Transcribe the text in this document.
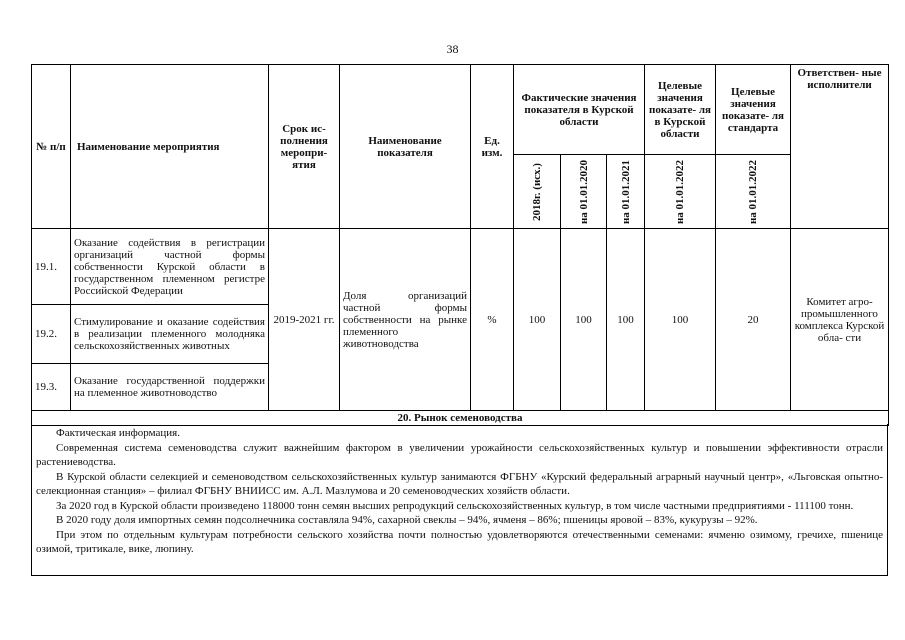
38
№ п/п	Наименование мероприятия	Срок ис- полнения меропри- ятия	Наименование показателя	Ед. изм.	Фактические значения показателя в Курской области			Целевые значения показате- ля в Курской области	Целевые значения показате- ля стандарта	Ответствен- ные исполнители

					2018г. (исх.)	на 01.01.2020	на 01.01.2021	на 01.01.2022	на 01.01.2022	

19.1.	Оказание содействия в регистрации организаций частной формы собственности Курской области в государственном племенном регистре Российской Федерации	2019-2021 гг.	Доля организаций частной формы собственности на рынке племенного животноводства	%	100	100	100	100	20	Комитет агро- промышленного комплекса Курской обла- сти
19.2.	Стимулирование и оказание содействия в реализации племенного молодняка сельскохозяйственных животных									
19.3.	Оказание государственной поддержки на племенное животноводство									
20. Рынок семеноводства										

Фактическая информация.

Современная система семеноводства служит важнейшим фактором в увеличении урожайности сельскохозяйственных культур и повышении эффективности отрасли растениеводства.

В Курской области селекцией и семеноводством сельскохозяйственных культур занимаются ФГБНУ «Курский федеральный аграрный научный центр», «Льговская опытно-селекционная станция» – филиал ФГБНУ ВНИИСС им. А.Л. Мазлумова и 20 семеноводческих хозяйств области.

За 2020 год в Курской области произведено 118000 тонн семян высших репродукций сельскохозяйственных культур, в том числе частными предприятиями - 111100 тонн.

В 2020 году доля импортных семян подсолнечника составляла 94%, сахарной свеклы – 94%, ячменя – 86%; пшеницы яровой – 83%, кукурузы – 92%.

При этом по отдельным культурам потребности сельского хозяйства почти полностью удовлетворяются отечественными семенами: ячменю озимому, гречихе, пшенице озимой, тритикале, вике, люпину.
